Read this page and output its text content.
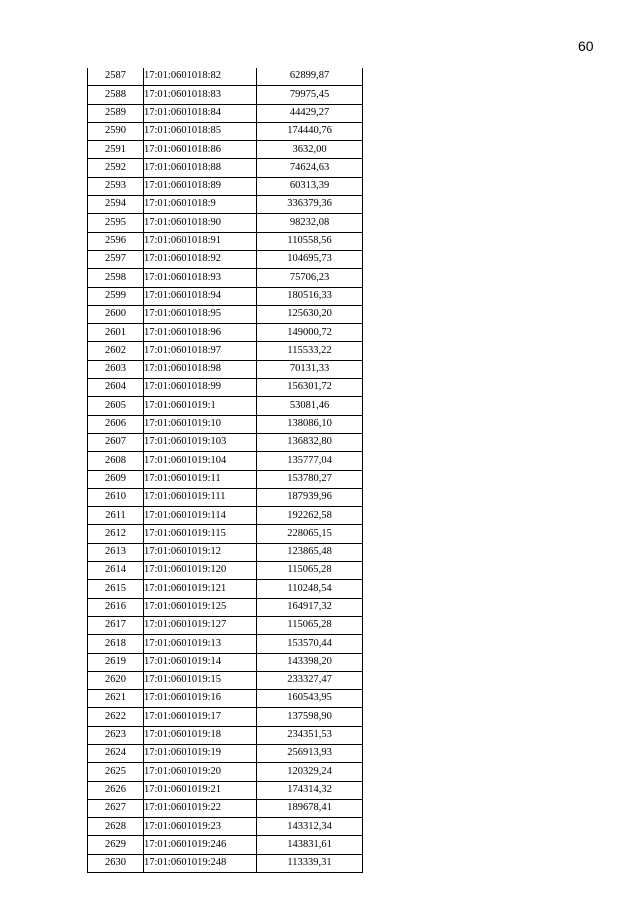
60
2587	17:01:0601018:82	62899,87
2588	17:01:0601018:83	79975,45
2589	17:01:0601018:84	44429,27
2590	17:01:0601018:85	174440,76
2591	17:01:0601018:86	3632,00
2592	17:01:0601018:88	74624,63
2593	17:01:0601018:89	60313,39
2594	17:01:0601018:9	336379,36
2595	17:01:0601018:90	98232,08
2596	17:01:0601018:91	110558,56
2597	17:01:0601018:92	104695,73
2598	17:01:0601018:93	75706,23
2599	17:01:0601018:94	180516,33
2600	17:01:0601018:95	125630,20
2601	17:01:0601018:96	149000,72
2602	17:01:0601018:97	115533,22
2603	17:01:0601018:98	70131,33
2604	17:01:0601018:99	156301,72
2605	17:01:0601019:1	53081,46
2606	17:01:0601019:10	138086,10
2607	17:01:0601019:103	136832,80
2608	17:01:0601019:104	135777,04
2609	17:01:0601019:11	153780,27
2610	17:01:0601019:111	187939,96
2611	17:01:0601019:114	192262,58
2612	17:01:0601019:115	228065,15
2613	17:01:0601019:12	123865,48
2614	17:01:0601019:120	115065,28
2615	17:01:0601019:121	110248,54
2616	17:01:0601019:125	164917,32
2617	17:01:0601019:127	115065,28
2618	17:01:0601019:13	153570,44
2619	17:01:0601019:14	143398,20
2620	17:01:0601019:15	233327,47
2621	17:01:0601019:16	160543,95
2622	17:01:0601019:17	137598,90
2623	17:01:0601019:18	234351,53
2624	17:01:0601019:19	256913,93
2625	17:01:0601019:20	120329,24
2626	17:01:0601019:21	174314,32
2627	17:01:0601019:22	189678,41
2628	17:01:0601019:23	143312,34
2629	17:01:0601019:246	143831,61
2630	17:01:0601019:248	113339,31
